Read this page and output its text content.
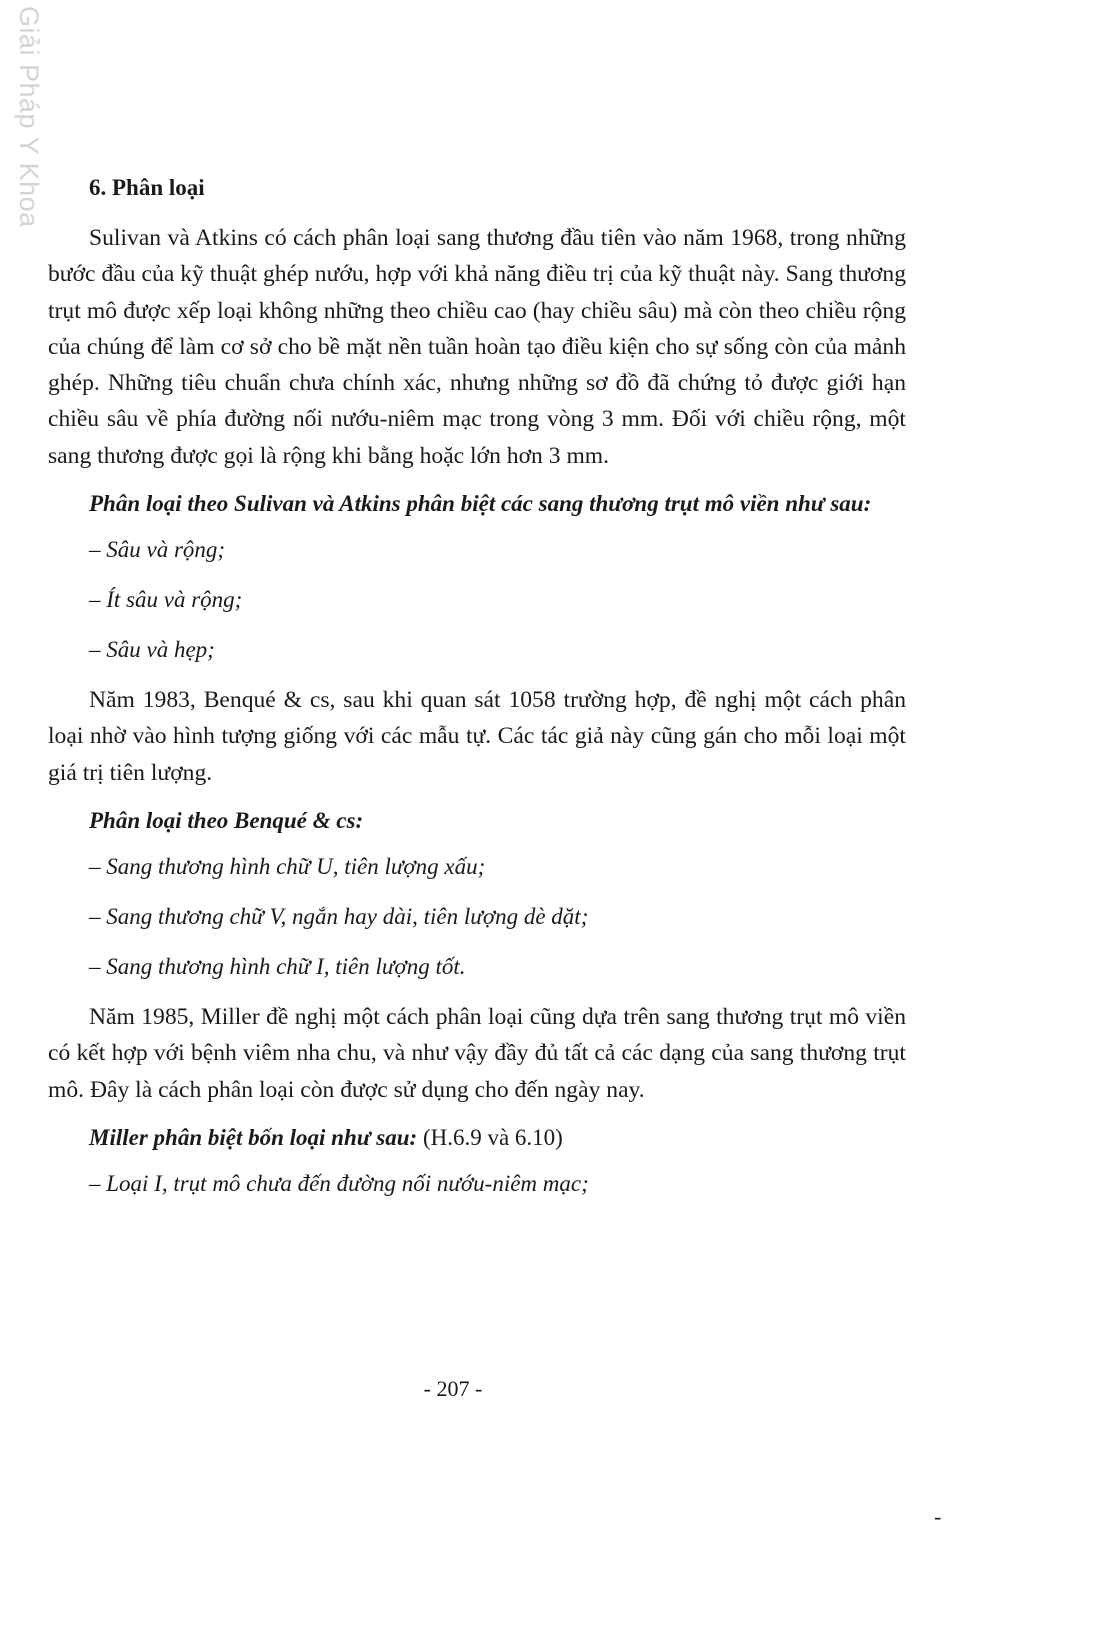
Giải Pháp Y Khoa 6. Phân loại

Sulivan và Atkins có cách phân loại sang thương đầu tiên vào năm 1968, trong những bước đầu của kỹ thuật ghép nướu, hợp với khả năng điều trị của kỹ thuật này. Sang thương trụt mô được xếp loại không những theo chiều cao (hay chiều sâu) mà còn theo chiều rộng của chúng để làm cơ sở cho bề mặt nền tuần hoàn tạo điều kiện cho sự sống còn của mảnh ghép. Những tiêu chuẩn chưa chính xác, nhưng những sơ đồ đã chứng tỏ được giới hạn chiều sâu về phía đường nối nướu-niêm mạc trong vòng 3 mm. Đối với chiều rộng, một sang thương được gọi là rộng khi bằng hoặc lớn hơn 3 mm.

Phân loại theo Sulivan và Atkins phân biệt các sang thương trụt mô viền như sau:

– Sâu và rộng;
– Ít sâu và rộng;
– Sâu và hẹp;

Năm 1983, Benqué & cs, sau khi quan sát 1058 trường hợp, đề nghị một cách phân loại nhờ vào hình tượng giống với các mẫu tự. Các tác giả này cũng gán cho mỗi loại một giá trị tiên lượng.

Phân loại theo Benqué & cs:

– Sang thương hình chữ U, tiên lượng xấu;
– Sang thương chữ V, ngắn hay dài, tiên lượng dè dặt;
– Sang thương hình chữ I, tiên lượng tốt.

Năm 1985, Miller đề nghị một cách phân loại cũng dựa trên sang thương trụt mô viền có kết hợp với bệnh viêm nha chu, và như vậy đầy đủ tất cả các dạng của sang thương trụt mô. Đây là cách phân loại còn được sử dụng cho đến ngày nay.

Miller phân biệt bốn loại như sau: (H.6.9 và 6.10)

– Loại I, trụt mô chưa đến đường nối nướu-niêm mạc;
- 207 -
-
